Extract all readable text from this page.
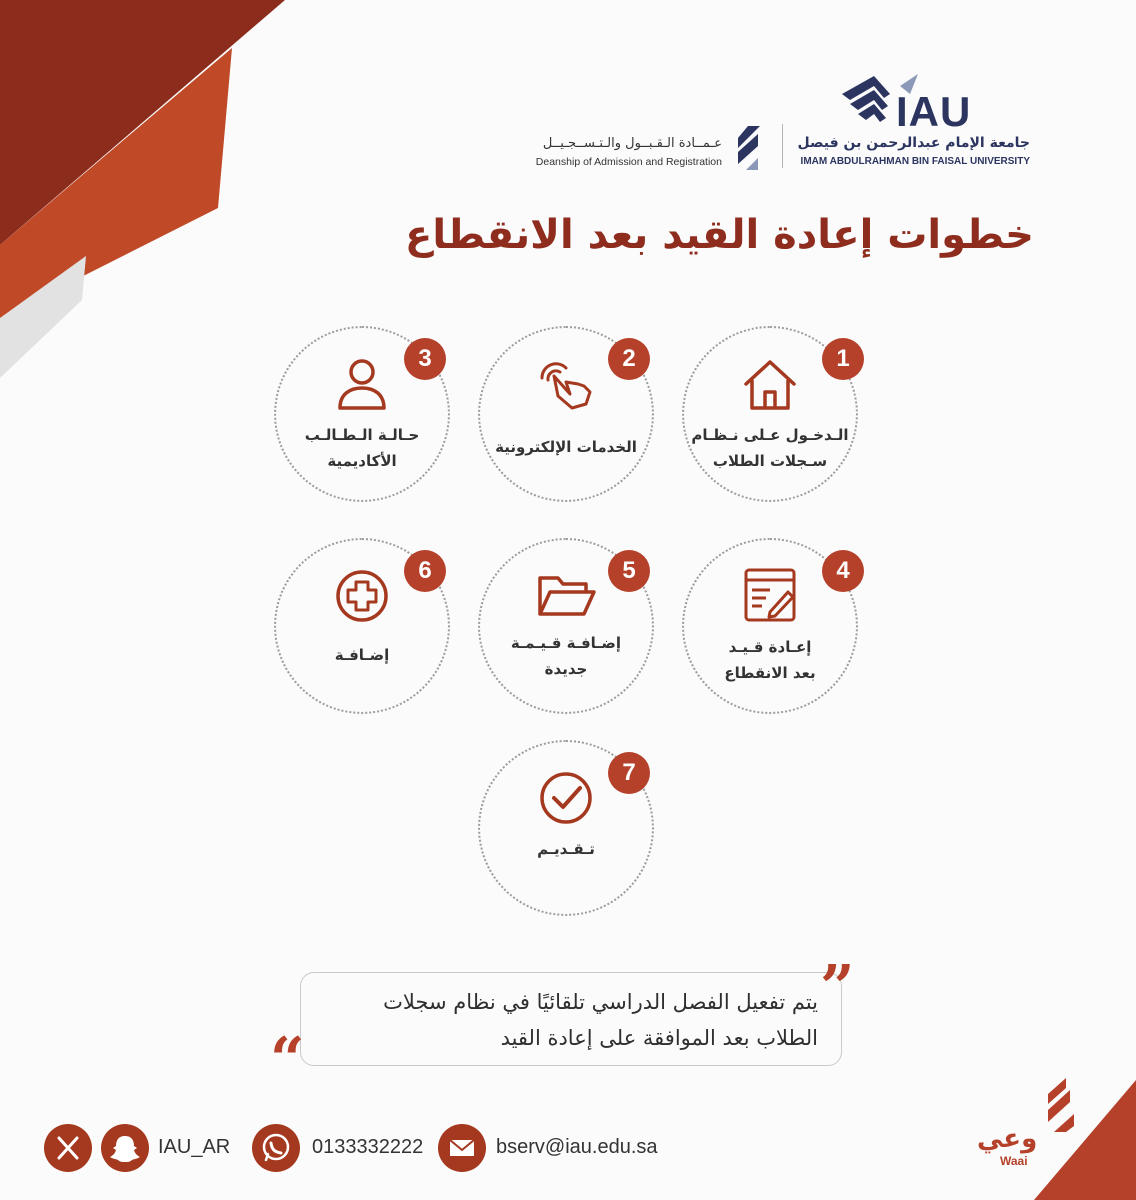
IAU
جامعة الإمام عبدالرحمن بن فيصل
IMAM ABDULRAHMAN BIN FAISAL UNIVERSITY
عـمــادة الـقـبــول والـتـســجـيــل
Deanship of Admission and Registration
خطوات إعادة القيد بعد الانقطاع
1
الـدخـول عـلى نـظـام
سـجلات الطلاب
2
الخدمات الإلكترونية
3
حـالـة الـطـالـب
الأكاديمية
4
إعـادة قـيـد
بعد الانقطاع
5
إضـافـة قـيـمـة
جديدة
6
إضـافـة
7
تـقـديـم
”
“
يتم تفعيل الفصل الدراسي تلقائيًا في نظام سجلات
الطلاب بعد الموافقة على إعادة القيد
IAU_AR	0133332222	bserv@iau.edu.sa	وعي
Waai
